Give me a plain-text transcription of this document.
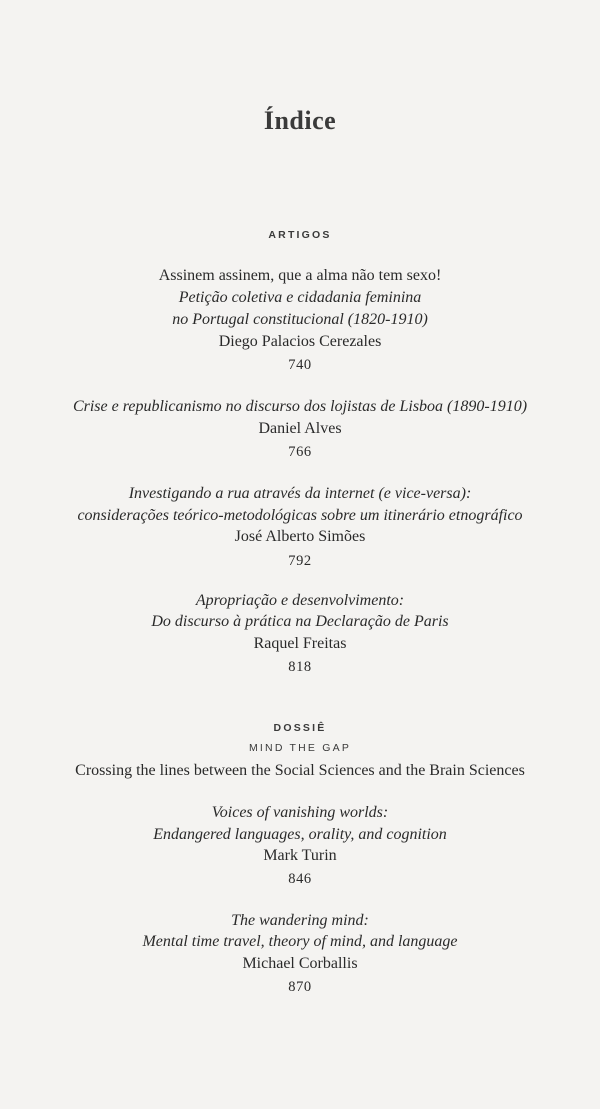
Índice
ARTIGOS
Assinem assinem, que a alma não tem sexo!
Petição coletiva e cidadania feminina
no Portugal constitucional (1820-1910)
Diego Palacios Cerezales
740
Crise e republicanismo no discurso dos lojistas de Lisboa (1890-1910)
Daniel Alves
766
Investigando a rua através da internet (e vice-versa):
considerações teórico-metodológicas sobre um itinerário etnográfico
José Alberto Simões
792
Apropriação e desenvolvimento:
Do discurso à prática na Declaração de Paris
Raquel Freitas
818
DOSSIÊ
MIND THE GAP
Crossing the lines between the Social Sciences and the Brain Sciences
Voices of vanishing worlds:
Endangered languages, orality, and cognition
Mark Turin
846
The wandering mind:
Mental time travel, theory of mind, and language
Michael Corballis
870
